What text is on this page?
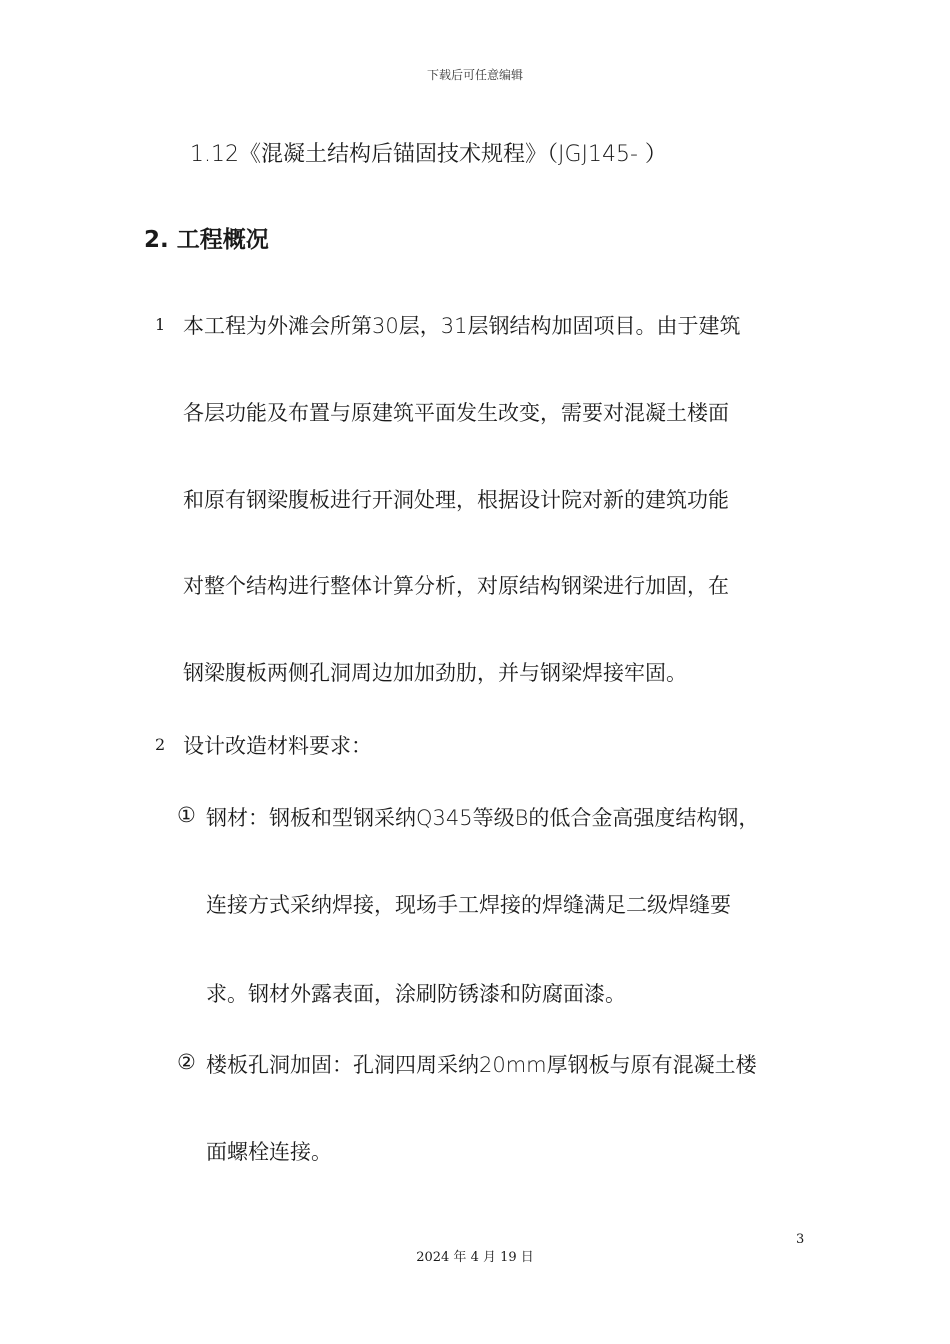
下载后可任意编辑
1.12《混凝土结构后锚固技术规程》（JGJ145- ）
2. 工程概况
1 本工程为外滩会所第30层，31层钢结构加固项目。由于建筑
各层功能及布置与原建筑平面发生改变，需要对混凝土楼面
和原有钢梁腹板进行开洞处理，根据设计院对新的建筑功能
对整个结构进行整体计算分析，对原结构钢梁进行加固，在
钢梁腹板两侧孔洞周边加加劲肋，并与钢梁焊接牢固。
2 设计改造材料要求：
① 钢材：钢板和型钢采纳Q345等级B的低合金高强度结构钢，
连接方式采纳焊接，现场手工焊接的焊缝满足二级焊缝要
求。钢材外露表面，涂刷防锈漆和防腐面漆。
② 楼板孔洞加固：孔洞四周采纳20mm厚钢板与原有混凝土楼
面螺栓连接。
3
2024 年 4 月 19 日
